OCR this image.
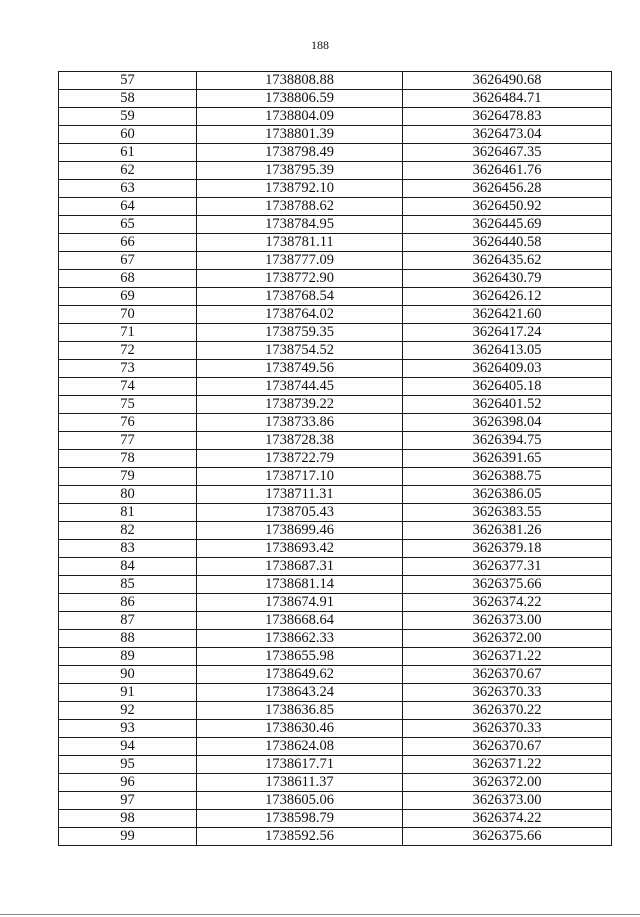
188
57	1738808.88	3626490.68
58	1738806.59	3626484.71
59	1738804.09	3626478.83
60	1738801.39	3626473.04
61	1738798.49	3626467.35
62	1738795.39	3626461.76
63	1738792.10	3626456.28
64	1738788.62	3626450.92
65	1738784.95	3626445.69
66	1738781.11	3626440.58
67	1738777.09	3626435.62
68	1738772.90	3626430.79
69	1738768.54	3626426.12
70	1738764.02	3626421.60
71	1738759.35	3626417.24
72	1738754.52	3626413.05
73	1738749.56	3626409.03
74	1738744.45	3626405.18
75	1738739.22	3626401.52
76	1738733.86	3626398.04
77	1738728.38	3626394.75
78	1738722.79	3626391.65
79	1738717.10	3626388.75
80	1738711.31	3626386.05
81	1738705.43	3626383.55
82	1738699.46	3626381.26
83	1738693.42	3626379.18
84	1738687.31	3626377.31
85	1738681.14	3626375.66
86	1738674.91	3626374.22
87	1738668.64	3626373.00
88	1738662.33	3626372.00
89	1738655.98	3626371.22
90	1738649.62	3626370.67
91	1738643.24	3626370.33
92	1738636.85	3626370.22
93	1738630.46	3626370.33
94	1738624.08	3626370.67
95	1738617.71	3626371.22
96	1738611.37	3626372.00
97	1738605.06	3626373.00
98	1738598.79	3626374.22
99	1738592.56	3626375.66
